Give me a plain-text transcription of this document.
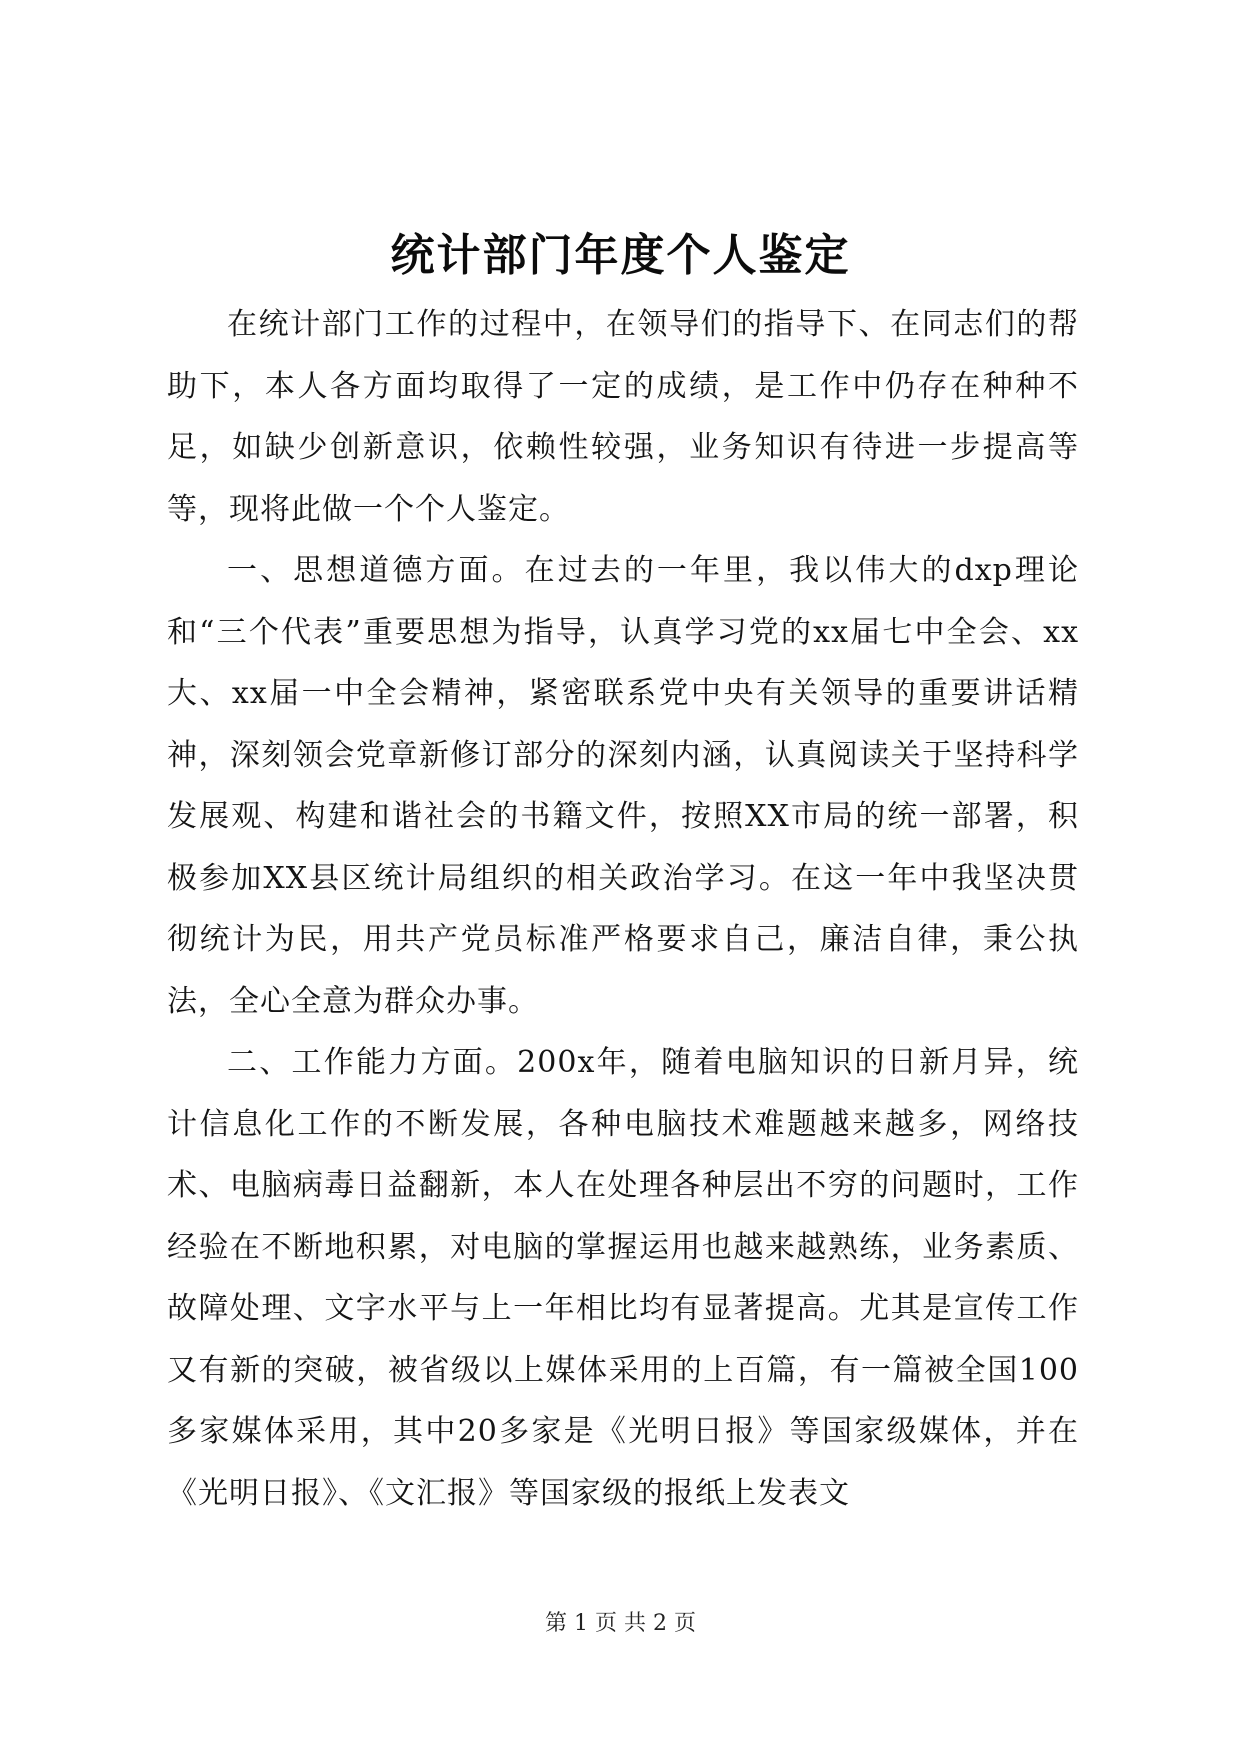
统计部门年度个人鉴定

在统计部门工作的过程中，在领导们的指导下、在同志们的帮助下，本人各方面均取得了一定的成绩，是工作中仍存在种种不足，如缺少创新意识，依赖性较强，业务知识有待进一步提高等等，现将此做一个个人鉴定。

一、思想道德方面。在过去的一年里，我以伟大的dxp理论和“三个代表”重要思想为指导，认真学习党的xx届七中全会、xx大、xx届一中全会精神，紧密联系党中央有关领导的重要讲话精神，深刻领会党章新修订部分的深刻内涵，认真阅读关于坚持科学发展观、构建和谐社会的书籍文件，按照XX市局的统一部署，积极参加XX县区统计局组织的相关政治学习。在这一年中我坚决贯彻统计为民，用共产党员标准严格要求自己，廉洁自律，秉公执法，全心全意为群众办事。

二、工作能力方面。200x年，随着电脑知识的日新月异，统计信息化工作的不断发展，各种电脑技术难题越来越多，网络技术、电脑病毒日益翻新，本人在处理各种层出不穷的问题时，工作经验在不断地积累，对电脑的掌握运用也越来越熟练，业务素质、故障处理、文字水平与上一年相比均有显著提高。尤其是宣传工作又有新的突破，被省级以上媒体采用的上百篇，有一篇被全国100多家媒体采用，其中20多家是《光明日报》等国家级媒体，并在《光明日报》、《文汇报》等国家级的报纸上发表文

第 1 页 共 2 页
